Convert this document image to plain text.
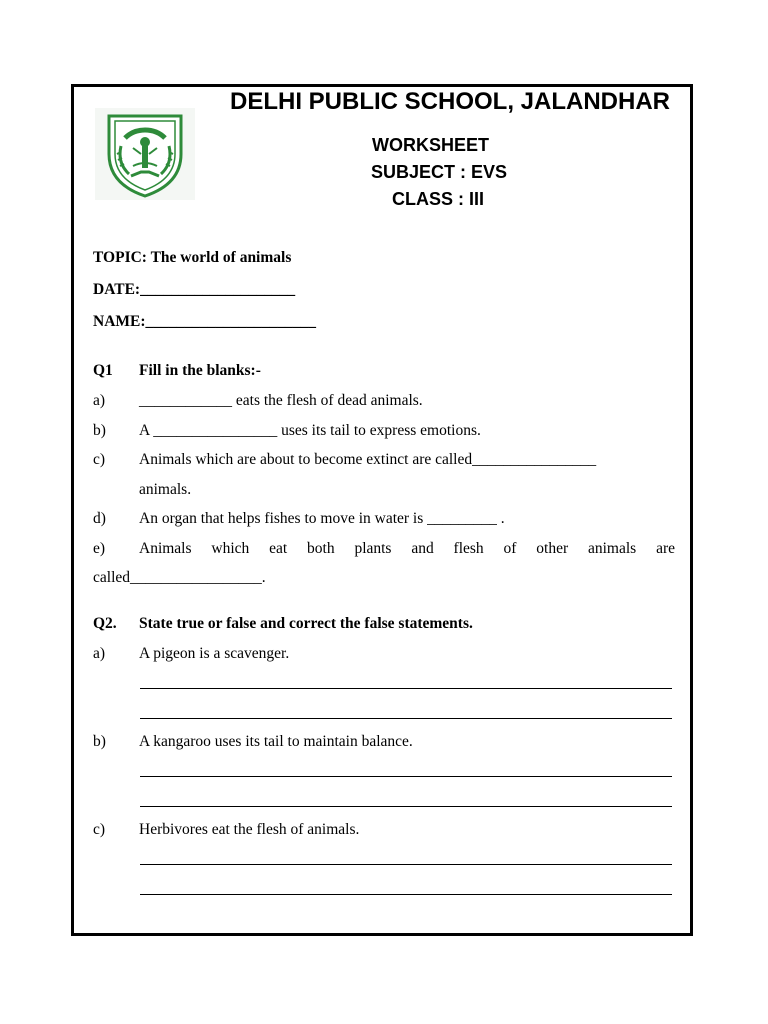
DELHI PUBLIC SCHOOL, JALANDHAR
WORKSHEET
SUBJECT : EVS
CLASS : III
TOPIC: The world of animals
DATE:____________________
NAME:______________________
Q1 Fill in the blanks:-
a) ____________ eats the flesh of dead animals.
b) A ________________ uses its tail to express emotions.
c) Animals which are about to become extinct are called________________
animals.
d) An organ that helps fishes to move in water is _________ .
e) Animals which eat both plants and flesh of other animals are
called_________________.
Q2. State true or false and correct the false statements.
a) A pigeon is a scavenger.
b) A kangaroo uses its tail to maintain balance.
c) Herbivores eat the flesh of animals.
